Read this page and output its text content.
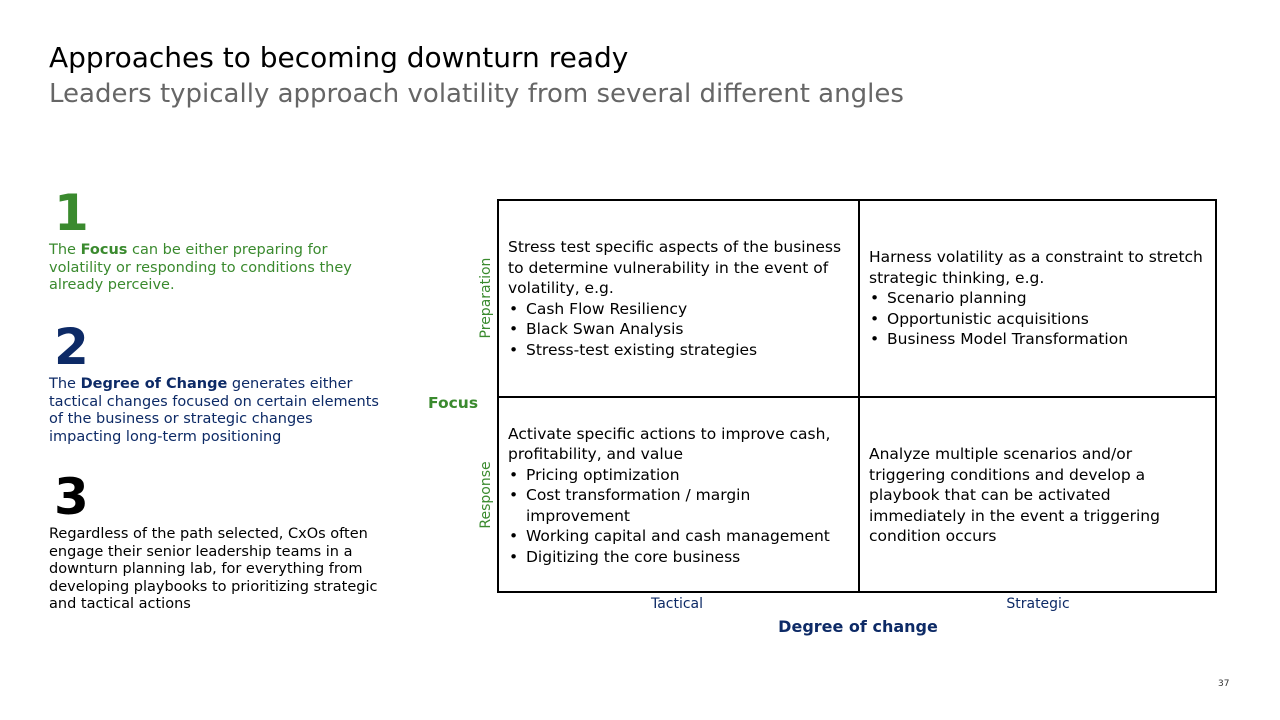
Approaches to becoming downturn ready
Leaders typically approach volatility from several different angles
1
The Focus can be either preparing for volatility or responding to conditions they already perceive.
2
The Degree of Change generates either tactical changes focused on certain elements of the business or strategic changes impacting long-term positioning
3
Regardless of the path selected, CxOs often engage their senior leadership teams in a downturn planning lab, for everything from developing playbooks to prioritizing strategic and tactical actions
Preparation
Response
Focus
Stress test specific aspects of the business to determine vulnerability in the event of volatility, e.g.
• Cash Flow Resiliency
• Black Swan Analysis
• Stress-test existing strategies
Harness volatility as a constraint to stretch strategic thinking, e.g.
• Scenario planning
• Opportunistic acquisitions
• Business Model Transformation
Activate specific actions to improve cash, profitability, and value
• Pricing optimization
• Cost transformation / margin improvement
• Working capital and cash management
• Digitizing the core business
Analyze multiple scenarios and/or triggering conditions and develop a playbook that can be activated immediately in the event a triggering condition occurs
Tactical	Strategic
Degree of change
37
